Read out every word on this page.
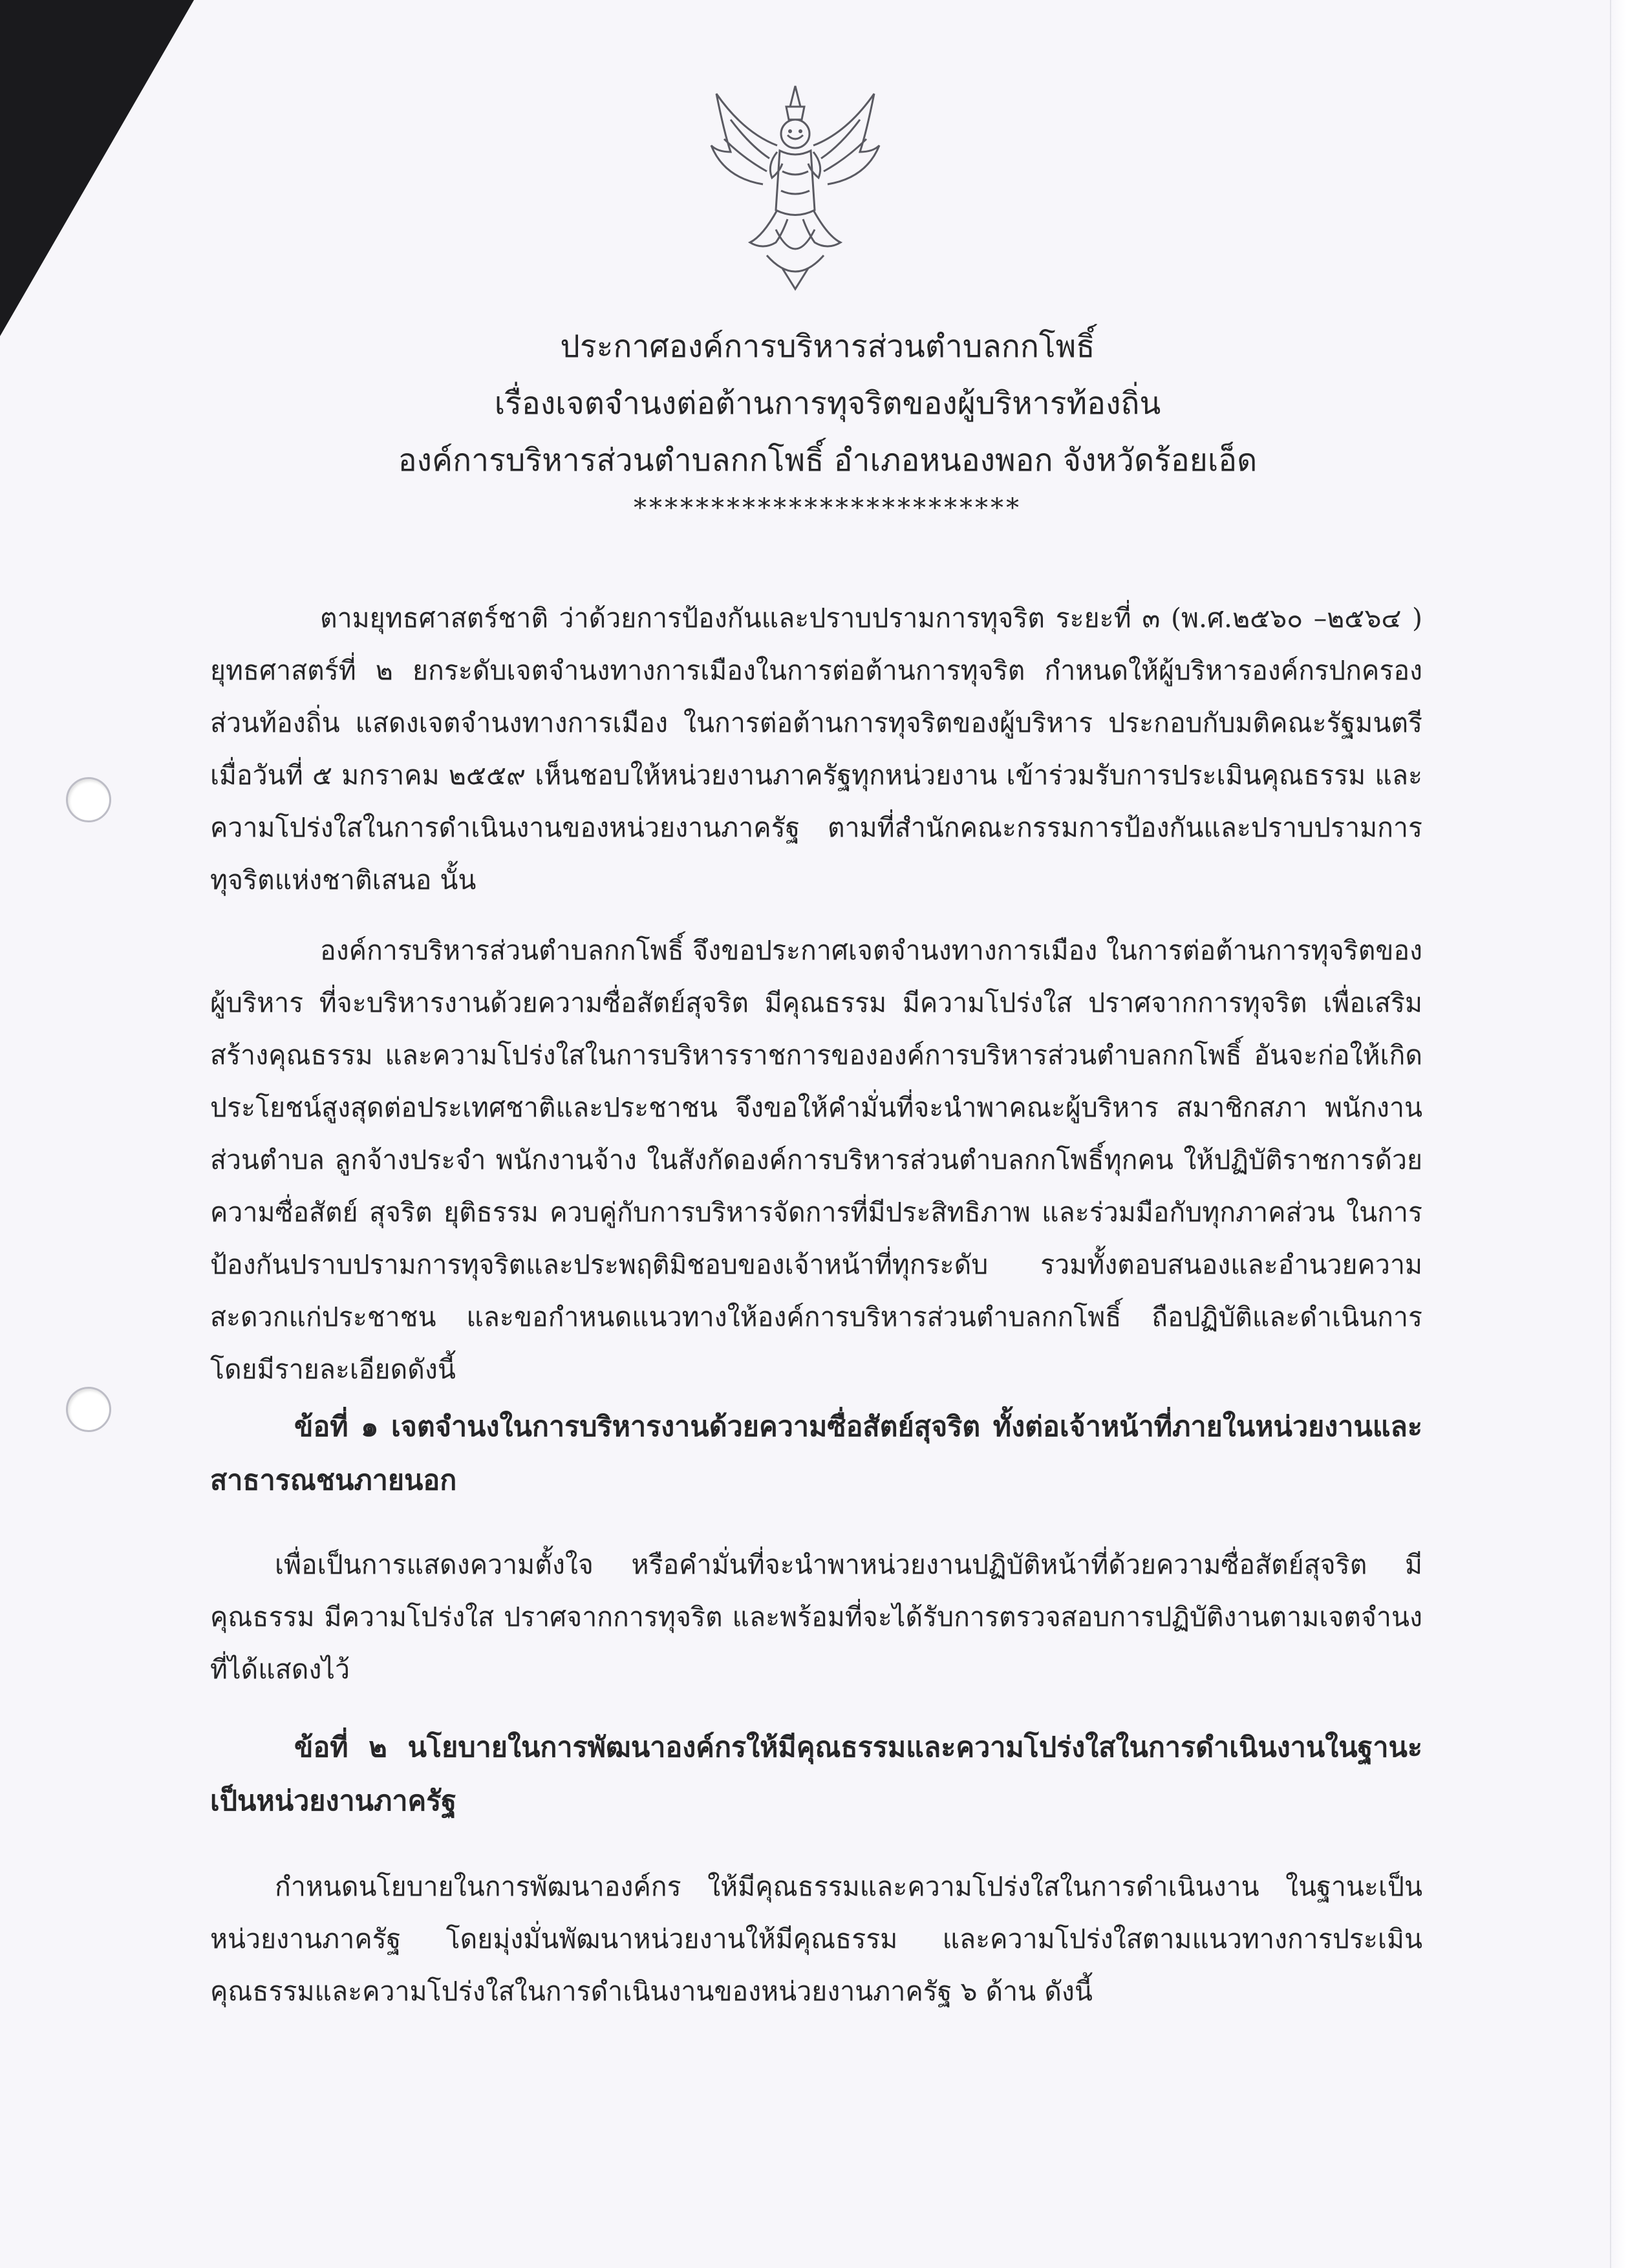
ประกาศองค์การบริหารส่วนตำบลกกโพธิ์
เรื่องเจตจำนงต่อต้านการทุจริตของผู้บริหารท้องถิ่น
องค์การบริหารส่วนตำบลกกโพธิ์ อำเภอหนองพอก จังหวัดร้อยเอ็ด
*************************
ตามยุทธศาสตร์ชาติ ว่าด้วยการป้องกันและปราบปรามการทุจริต ระยะที่ ๓ (พ.ศ.๒๕๖๐ –๒๕๖๔ ) ยุทธศาสตร์ที่ ๒ ยกระดับเจตจำนงทางการเมืองในการต่อต้านการทุจริต กำหนดให้ผู้บริหารองค์กรปกครองส่วนท้องถิ่น แสดงเจตจำนงทางการเมือง ในการต่อต้านการทุจริตของผู้บริหาร ประกอบกับมติคณะรัฐมนตรีเมื่อวันที่ ๕ มกราคม ๒๕๕๙ เห็นชอบให้หน่วยงานภาครัฐทุกหน่วยงาน เข้าร่วมรับการประเมินคุณธรรม และความโปร่งใสในการดำเนินงานของหน่วยงานภาครัฐ ตามที่สำนักคณะกรรมการป้องกันและปราบปรามการทุจริตแห่งชาติเสนอ นั้น
องค์การบริหารส่วนตำบลกกโพธิ์ จึงขอประกาศเจตจำนงทางการเมือง ในการต่อต้านการทุจริตของผู้บริหาร ที่จะบริหารงานด้วยความซื่อสัตย์สุจริต มีคุณธรรม มีความโปร่งใส ปราศจากการทุจริต เพื่อเสริมสร้างคุณธรรม และความโปร่งใสในการบริหารราชการขององค์การบริหารส่วนตำบลกกโพธิ์ อันจะก่อให้เกิดประโยชน์สูงสุดต่อประเทศชาติและประชาชน จึงขอให้คำมั่นที่จะนำพาคณะผู้บริหาร สมาชิกสภา พนักงานส่วนตำบล ลูกจ้างประจำ พนักงานจ้าง ในสังกัดองค์การบริหารส่วนตำบลกกโพธิ์ทุกคน ให้ปฏิบัติราชการด้วยความซื่อสัตย์ สุจริต ยุติธรรม ควบคู่กับการบริหารจัดการที่มีประสิทธิภาพ และร่วมมือกับทุกภาคส่วน ในการป้องกันปราบปรามการทุจริตและประพฤติมิชอบของเจ้าหน้าที่ทุกระดับ รวมทั้งตอบสนองและอำนวยความสะดวกแก่ประชาชน และขอกำหนดแนวทางให้องค์การบริหารส่วนตำบลกกโพธิ์ ถือปฏิบัติและดำเนินการ โดยมีรายละเอียดดังนี้
ข้อที่ ๑ เจตจำนงในการบริหารงานด้วยความซื่อสัตย์สุจริต ทั้งต่อเจ้าหน้าที่ภายในหน่วยงานและสาธารณชนภายนอก
เพื่อเป็นการแสดงความตั้งใจ หรือคำมั่นที่จะนำพาหน่วยงานปฏิบัติหน้าที่ด้วยความซื่อสัตย์สุจริต มีคุณธรรม มีความโปร่งใส ปราศจากการทุจริต และพร้อมที่จะได้รับการตรวจสอบการปฏิบัติงานตามเจตจำนงที่ได้แสดงไว้
ข้อที่ ๒ นโยบายในการพัฒนาองค์กรให้มีคุณธรรมและความโปร่งใสในการดำเนินงานในฐานะเป็นหน่วยงานภาครัฐ
กำหนดนโยบายในการพัฒนาองค์กร ให้มีคุณธรรมและความโปร่งใสในการดำเนินงาน ในฐานะเป็นหน่วยงานภาครัฐ โดยมุ่งมั่นพัฒนาหน่วยงานให้มีคุณธรรม และความโปร่งใสตามแนวทางการประเมินคุณธรรมและความโปร่งใสในการดำเนินงานของหน่วยงานภาครัฐ ๖ ด้าน ดังนี้
